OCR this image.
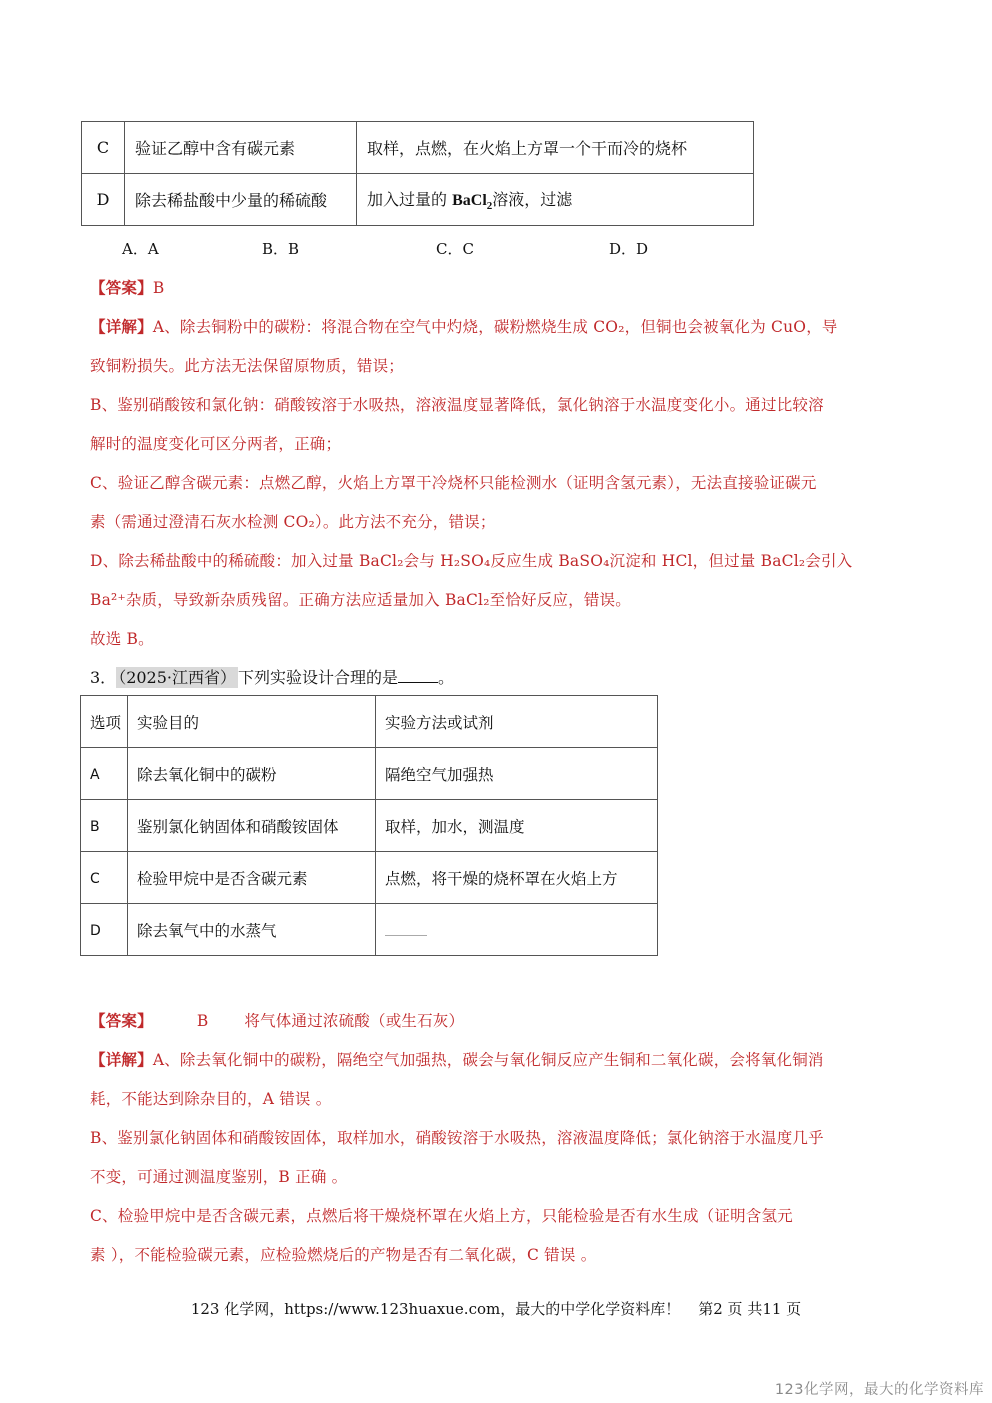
C	验证乙醇中含有碳元素	取样，点燃，在火焰上方罩一个干而冷的烧杯
D	除去稀盐酸中少量的稀硫酸	加入过量的 BaCl$_2$溶液，过滤
A．A	B．B	C．C	D．D
【答案】B
【详解】A、除去铜粉中的碳粉：将混合物在空气中灼烧，碳粉燃烧生成 CO₂，但铜也会被氧化为 CuO，导
致铜粉损失。此方法无法保留原物质，错误；
B、鉴别硝酸铵和氯化钠：硝酸铵溶于水吸热，溶液温度显著降低，氯化钠溶于水温度变化小。通过比较溶
解时的温度变化可区分两者，正确；
C、验证乙醇含碳元素：点燃乙醇，火焰上方罩干冷烧杯只能检测水（证明含氢元素），无法直接验证碳元
素（需通过澄清石灰水检测 CO₂）。此方法不充分，错误；
D、除去稀盐酸中的稀硫酸：加入过量 BaCl₂会与 H₂SO₄反应生成 BaSO₄沉淀和 HCl，但过量 BaCl₂会引入
Ba²⁺杂质，导致新杂质残留。正确方法应适量加入 BaCl₂至恰好反应，错误。
故选 B。
3． （2025·江西省） 下列实验设计合理的是	。
选项	实验目的	实验方法或试剂
A	除去氧化铜中的碳粉	隔绝空气加强热
B	鉴别氯化钠固体和硝酸铵固体	取样，加水，测温度
C	检验甲烷中是否含碳元素	点燃，将干燥的烧杯罩在火焰上方
D	除去氧气中的水蒸气	
【答案】	B 将气体通过浓硫酸（或生石灰）
【详解】A、除去氧化铜中的碳粉，隔绝空气加强热，碳会与氧化铜反应产生铜和二氧化碳，会将氧化铜消
耗，不能达到除杂目的，A 错误 。
B、鉴别氯化钠固体和硝酸铵固体，取样加水，硝酸铵溶于水吸热，溶液温度降低；氯化钠溶于水温度几乎
不变，可通过测温度鉴别，B 正确 。
C、检验甲烷中是否含碳元素，点燃后将干燥烧杯罩在火焰上方，只能检验是否有水生成（证明含氢元
素 ），不能检验碳元素，应检验燃烧后的产物是否有二氧化碳，C 错误 。
123 化学网，https://www.123huaxue.com，最大的中学化学资料库！ 第2 页 共11 页
123化学网，最大的化学资料库
